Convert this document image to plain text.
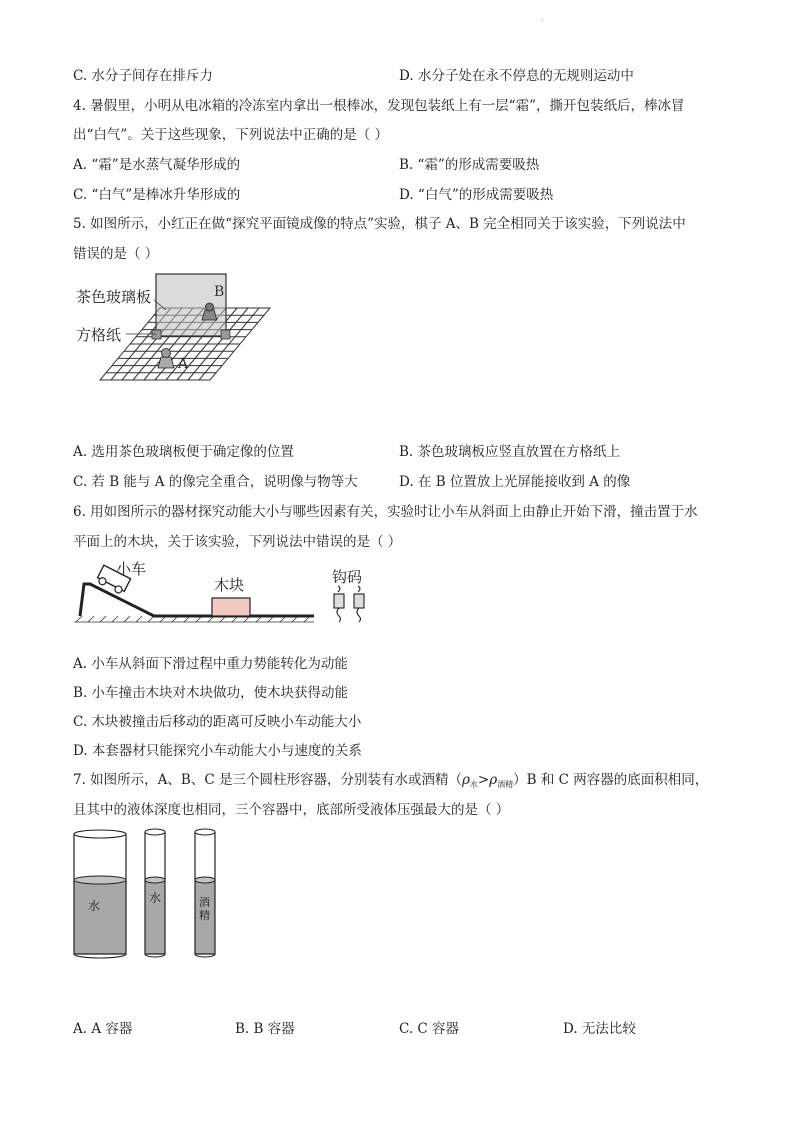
.
C. 水分子间存在排斥力	D. 水分子处在永不停息的无规则运动中
4. 暑假里，小明从电冰箱的冷冻室内拿出一根棒冰，发现包装纸上有一层“霜”，撕开包装纸后，棒冰冒
出“白气”。关于这些现象，下列说法中正确的是（ ）
A. “霜”是水蒸气凝华形成的	B. “霜”的形成需要吸热
C. “白气”是棒冰升华形成的	D. “白气”的形成需要吸热
5. 如图所示，小红正在做“探究平面镜成像的特点”实验，棋子 A、B 完全相同关于该实验，下列说法中
错误的是（ ）
B
A
茶色玻璃板
方格纸
A. 选用茶色玻璃板便于确定像的位置	B. 茶色玻璃板应竖直放置在方格纸上
C. 若 B 能与 A 的像完全重合，说明像与物等大	D. 在 B 位置放上光屏能接收到 A 的像
6. 用如图所示的器材探究动能大小与哪些因素有关，实验时让小车从斜面上由静止开始下滑，撞击置于水
平面上的木块，关于该实验，下列说法中错误的是（ ）
小车
木块	钩码
A. 小车从斜面下滑过程中重力势能转化为动能
B. 小车撞击木块对木块做功，使木块获得动能
C. 木块被撞击后移动的距离可反映小车动能大小
D. 本套器材只能探究小车动能大小与速度的关系
7. 如图所示，A、B、C 是三个圆柱形容器，分别装有水或酒精$(\rho_水>\rho_{酒精})B$ 和 C 两容器的底面积相同，
且其中的液体深度也相同，三个容器中，底部所受液体压强最大的是（ ）
水
水	酒
精
A. A 容器	B. B 容器	C. C 容器	D. 无法比较
